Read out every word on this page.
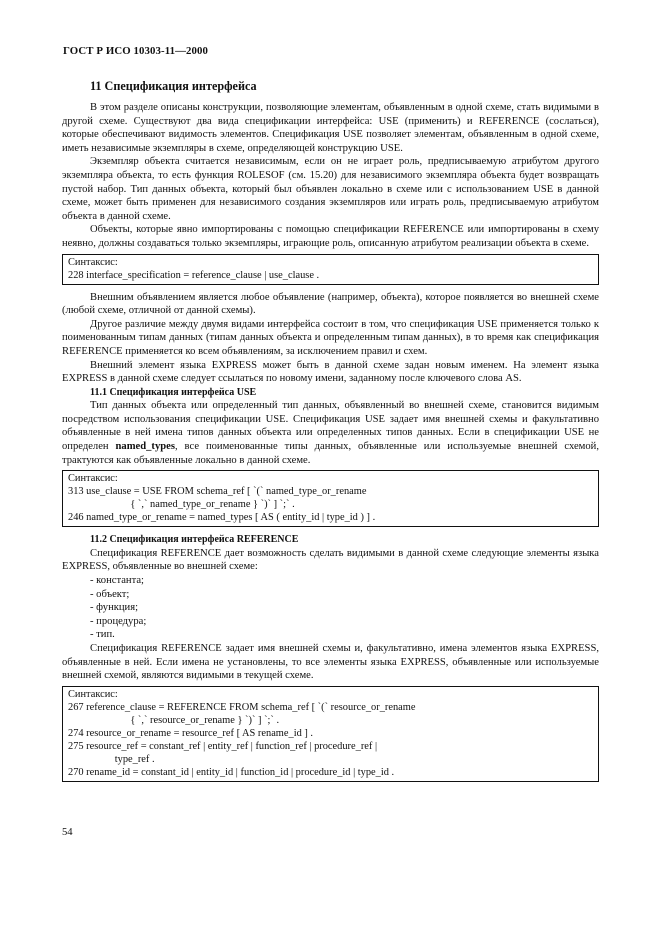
ГОСТ Р ИСО 10303-11—2000
11 Спецификация интерфейса

В этом разделе описаны конструкции, позволяющие элементам, объявленным в одной схеме, стать видимыми в другой схеме. Существуют два вида спецификации интерфейса: USE (применить) и REFERENCE (сослаться), которые обеспечивают видимость элементов. Спецификация USE позволяет элементам, объявленным в одной схеме, иметь независимые экземпляры в схеме, определяющей конструкцию USE.

Экземпляр объекта считается независимым, если он не играет роль, предписываемую атрибутом другого экземпляра объекта, то есть функция ROLESOF (см. 15.20) для независимого экземпляра объекта будет возвращать пустой набор. Тип данных объекта, который был объявлен локально в схеме или с использованием USE в данной схеме, может быть применен для независимого создания экземпляров или играть роль, предписываемую атрибутом объекта в данной схеме.

Объекты, которые явно импортированы с помощью спецификации REFERENCE или импортированы в схему неявно, должны создаваться только экземпляры, играющие роль, описанную атрибутом реализации объекта в схеме.

Синтаксис:
228 interface_specification = reference_clause | use_clause .

Внешним объявлением является любое объявление (например, объекта), которое появляется во внешней схеме (любой схеме, отличной от данной схемы).

Другое различие между двумя видами интерфейса состоит в том, что спецификация USE применяется только к поименованным типам данных (типам данных объекта и определенным типам данных), в то время как спецификация REFERENCE применяется ко всем объявлениям, за исключением правил и схем.

Внешний элемент языка EXPRESS может быть в данной схеме задан новым именем. На элемент языка EXPRESS в данной схеме следует ссылаться по новому имени, заданному после ключевого слова AS.

11.1 Спецификация интерфейса USE

Тип данных объекта или определенный тип данных, объявленный во внешней схеме, становится видимым посредством использования спецификации USE. Спецификация USE задает имя внешней схемы и факультативно объявленные в ней имена типов данных объекта или определенных типов данных. Если в спецификации USE не определен named_types, все поименованные типы данных, объявленные или используемые внешней схемой, трактуются как объявленные локально в данной схеме.

Синтаксис:
313 use_clause = USE FROM schema_ref [ `(` named_type_or_rename
{ `,` named_type_or_rename } `)` ] `;` .
246 named_type_or_rename = named_types [ AS ( entity_id | type_id ) ] .
11.2 Спецификация интерфейса REFERENCE

Спецификация REFERENCE дает возможность сделать видимыми в данной схеме следующие элементы языка EXPRESS, объявленные во внешней схеме:

- константа;
- объект;
- функция;
- процедура;
- тип.

Спецификация REFERENCE задает имя внешней схемы и, факультативно, имена элементов языка EXPRESS, объявленные в ней. Если имена не установлены, то все элементы языка EXPRESS, объявленные или используемые внешней схемой, являются видимыми в текущей схеме.

Синтаксис:
267 reference_clause = REFERENCE FROM schema_ref [ `(` resource_or_rename
{ `,` resource_or_rename } `)` ] `;` .
274 resource_or_rename = resource_ref [ AS rename_id ] .
275 resource_ref = constant_ref | entity_ref | function_ref | procedure_ref |
type_ref .
270 rename_id = constant_id | entity_id | function_id | procedure_id | type_id .
54
